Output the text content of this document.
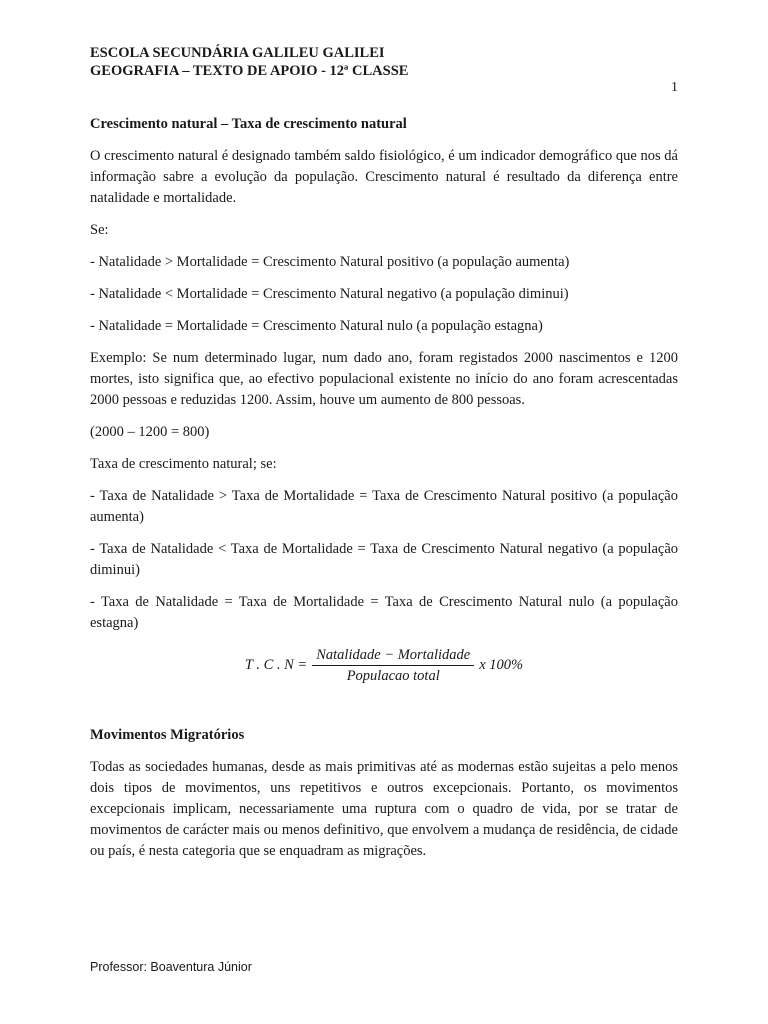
ESCOLA SECUNDÁRIA GALILEU GALILEI
GEOGRAFIA – TEXTO DE APOIO - 12ª CLASSE
1
Crescimento natural – Taxa de crescimento natural

O crescimento natural é designado também saldo fisiológico, é um indicador demográfico que nos dá informação sabre a evolução da população. Crescimento natural é resultado da diferença entre natalidade e mortalidade.

Se:

- Natalidade > Mortalidade = Crescimento Natural positivo (a população aumenta)

- Natalidade < Mortalidade = Crescimento Natural negativo (a população diminui)

- Natalidade = Mortalidade = Crescimento Natural nulo (a população estagna)

Exemplo: Se num determinado lugar, num dado ano, foram registados 2000 nascimentos e 1200 mortes, isto significa que, ao efectivo populacional existente no início do ano foram acrescentadas 2000 pessoas e reduzidas 1200. Assim, houve um aumento de 800 pessoas.

(2000 – 1200 = 800)

Taxa de crescimento natural; se:

- Taxa de Natalidade > Taxa de Mortalidade = Taxa de Crescimento Natural positivo (a população aumenta)

- Taxa de Natalidade < Taxa de Mortalidade = Taxa de Crescimento Natural negativo (a população diminui)

- Taxa de Natalidade = Taxa de Mortalidade = Taxa de Crescimento Natural nulo (a população estagna)

T . C . $N = \frac{\text{Natalidade − Mortalidade}}{\text{Populacao total}}$ x 100%
Movimentos Migratórios

Todas as sociedades humanas, desde as mais primitivas até as modernas estão sujeitas a pelo menos dois tipos de movimentos, uns repetitivos e outros excepcionais. Portanto, os movimentos excepcionais implicam, necessariamente uma ruptura com o quadro de vida, por se tratar de movimentos de carácter mais ou menos definitivo, que envolvem a mudança de residência, de cidade ou país, é nesta categoria que se enquadram as migrações.

Professor: Boaventura Júnior
